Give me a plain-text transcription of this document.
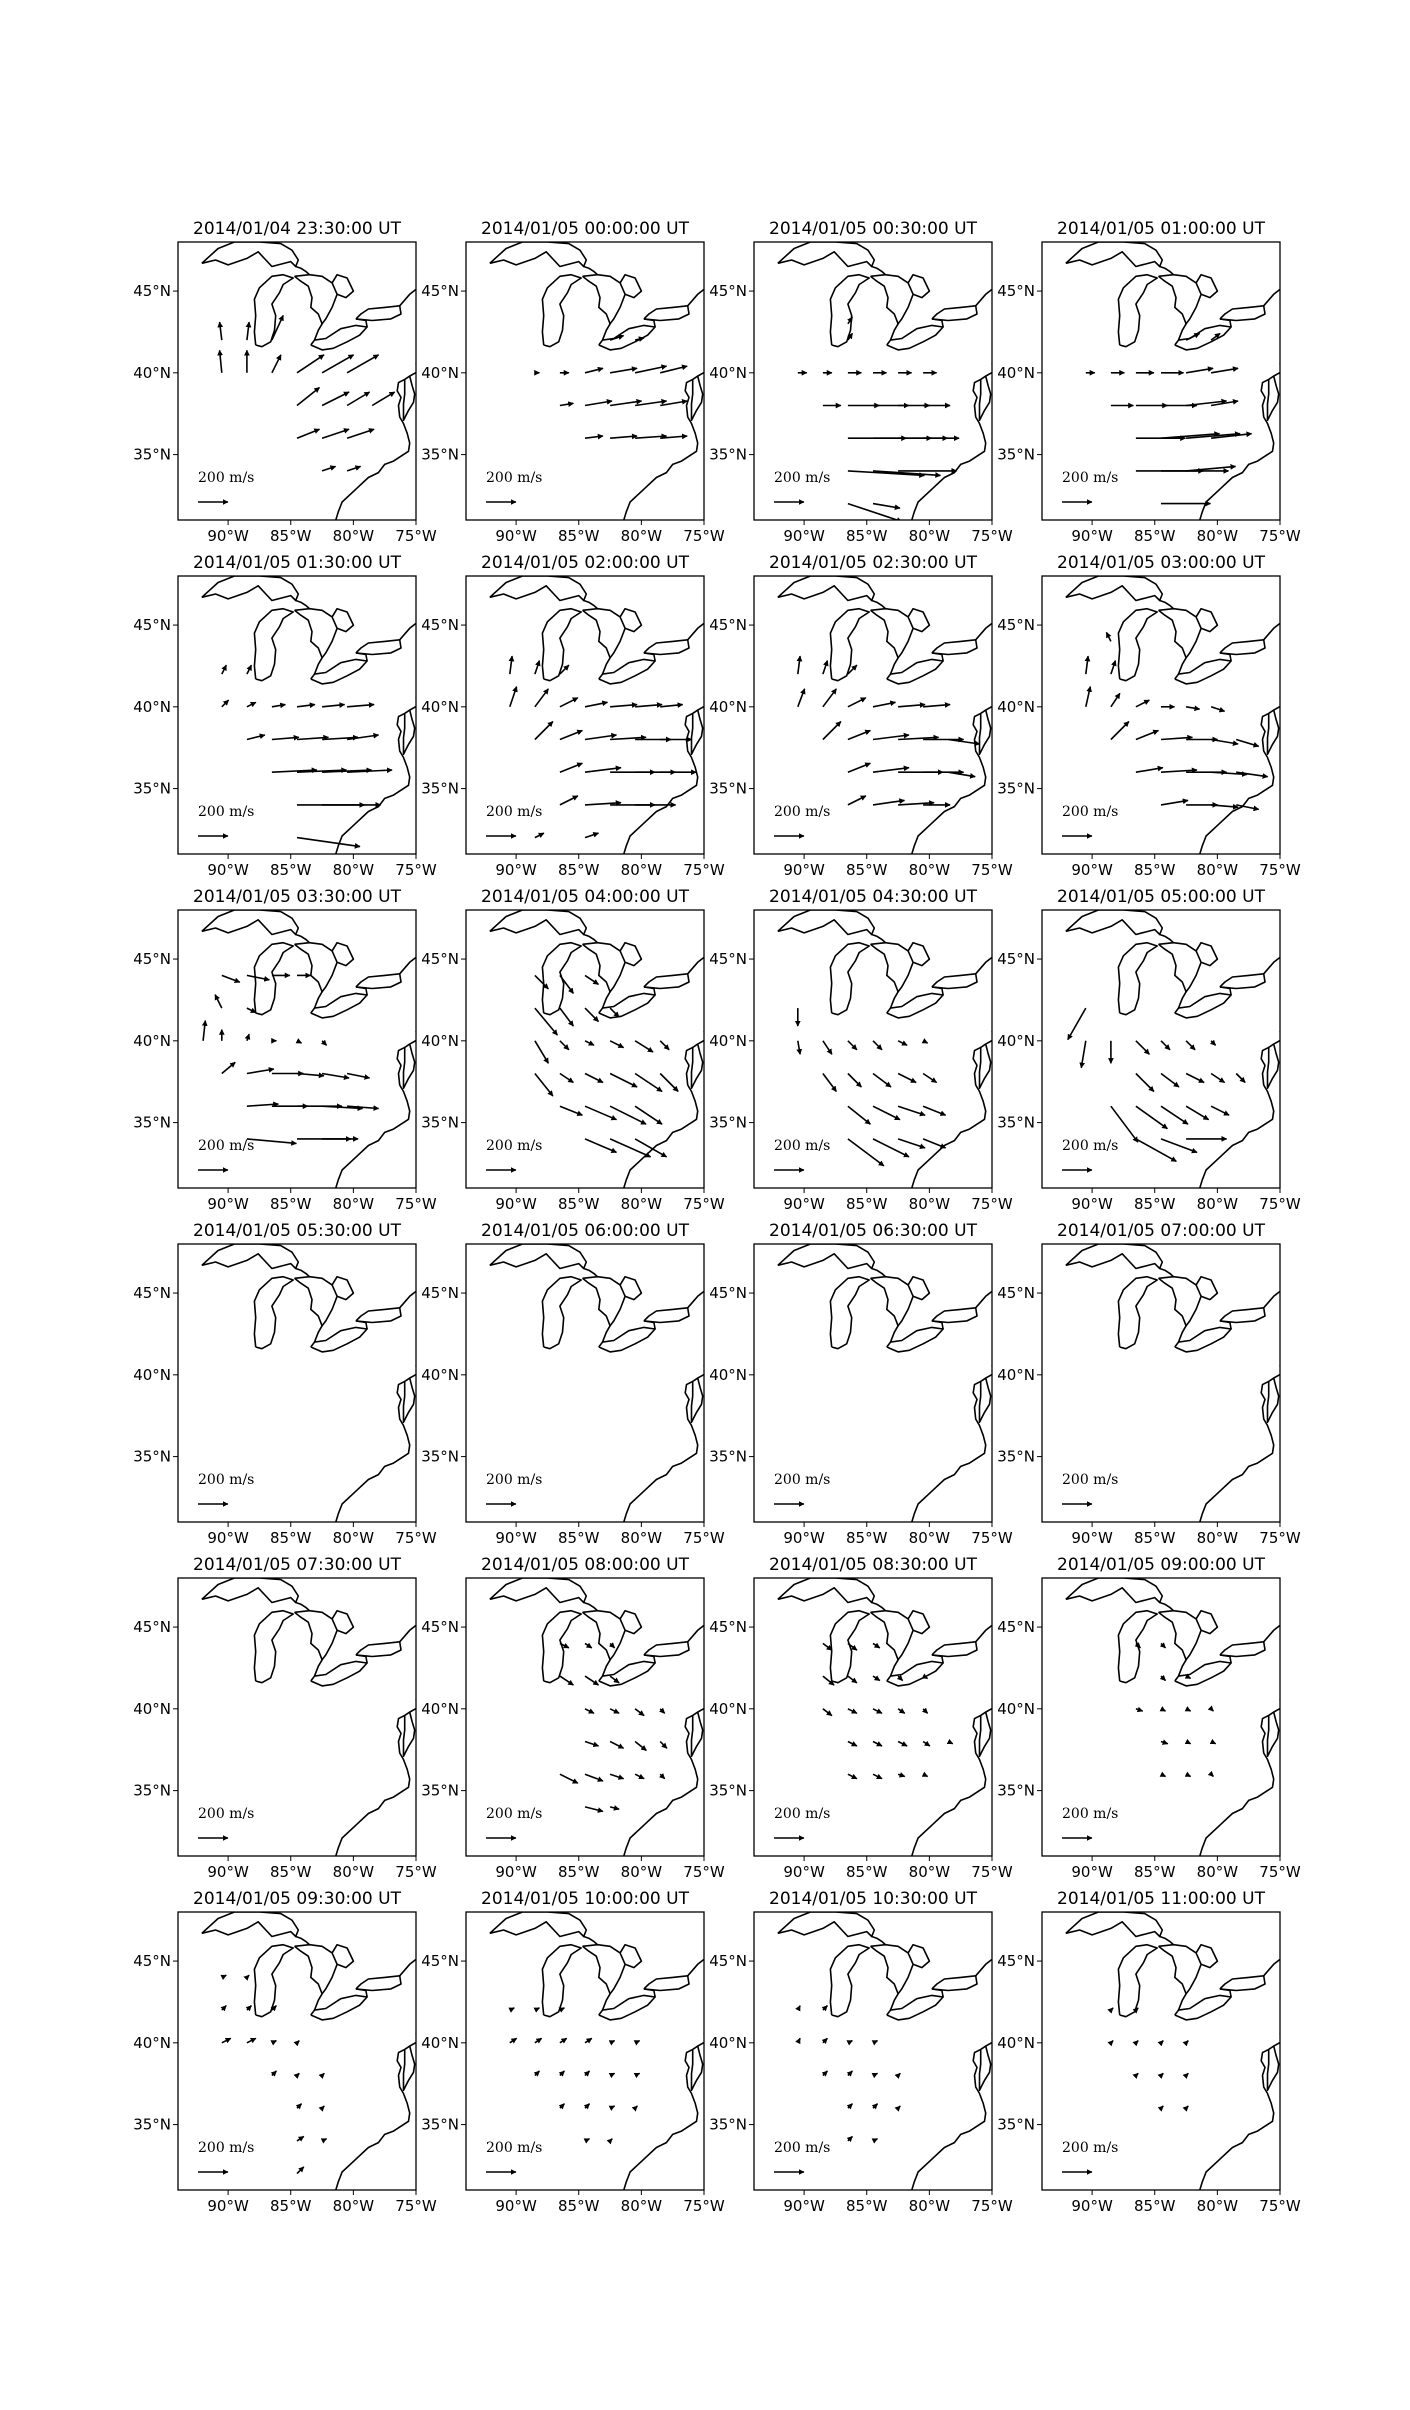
2014/01/04 23:30:00 UT
200 m/s
90°W 85°W 80°W 75°W
45°N
40°N
35°N
2014/01/05 00:00:00 UT
200 m/s
90°W 85°W 80°W 75°W
45°N
40°N
35°N
2014/01/05 00:30:00 UT
200 m/s
90°W 85°W 80°W 75°W
45°N
40°N
35°N
2014/01/05 01:00:00 UT
200 m/s
90°W 85°W 80°W 75°W
45°N
40°N
35°N
2014/01/05 01:30:00 UT
200 m/s
90°W 85°W 80°W 75°W
45°N
40°N
35°N
2014/01/05 02:00:00 UT
200 m/s
90°W 85°W 80°W 75°W
45°N
40°N
35°N
2014/01/05 02:30:00 UT
200 m/s
90°W 85°W 80°W 75°W
45°N
40°N
35°N
2014/01/05 03:00:00 UT
200 m/s
90°W 85°W 80°W 75°W
45°N
40°N
35°N
2014/01/05 03:30:00 UT
200 m/s
90°W 85°W 80°W 75°W
45°N
40°N
35°N
2014/01/05 04:00:00 UT
200 m/s
90°W 85°W 80°W 75°W
45°N
40°N
35°N
2014/01/05 04:30:00 UT
200 m/s
90°W 85°W 80°W 75°W
45°N
40°N
35°N
2014/01/05 05:00:00 UT
200 m/s
90°W 85°W 80°W 75°W
45°N
40°N
35°N
2014/01/05 05:30:00 UT
200 m/s
90°W 85°W 80°W 75°W
45°N
40°N
35°N
2014/01/05 06:00:00 UT
200 m/s
90°W 85°W 80°W 75°W
45°N
40°N
35°N
2014/01/05 06:30:00 UT
200 m/s
90°W 85°W 80°W 75°W
45°N
40°N
35°N
2014/01/05 07:00:00 UT
200 m/s
90°W 85°W 80°W 75°W
45°N
40°N
35°N
2014/01/05 07:30:00 UT
200 m/s
90°W 85°W 80°W 75°W
45°N
40°N
35°N
2014/01/05 08:00:00 UT
200 m/s
90°W 85°W 80°W 75°W
45°N
40°N
35°N
2014/01/05 08:30:00 UT
200 m/s
90°W 85°W 80°W 75°W
45°N
40°N
35°N
2014/01/05 09:00:00 UT
200 m/s
90°W 85°W 80°W 75°W
45°N
40°N
35°N
2014/01/05 09:30:00 UT
200 m/s
90°W 85°W 80°W 75°W
45°N
40°N
35°N
2014/01/05 10:00:00 UT
200 m/s
90°W 85°W 80°W 75°W
45°N
40°N
35°N
2014/01/05 10:30:00 UT
200 m/s
90°W 85°W 80°W 75°W
45°N
40°N
35°N
2014/01/05 11:00:00 UT
200 m/s
90°W 85°W 80°W 75°W
45°N
40°N
35°N
